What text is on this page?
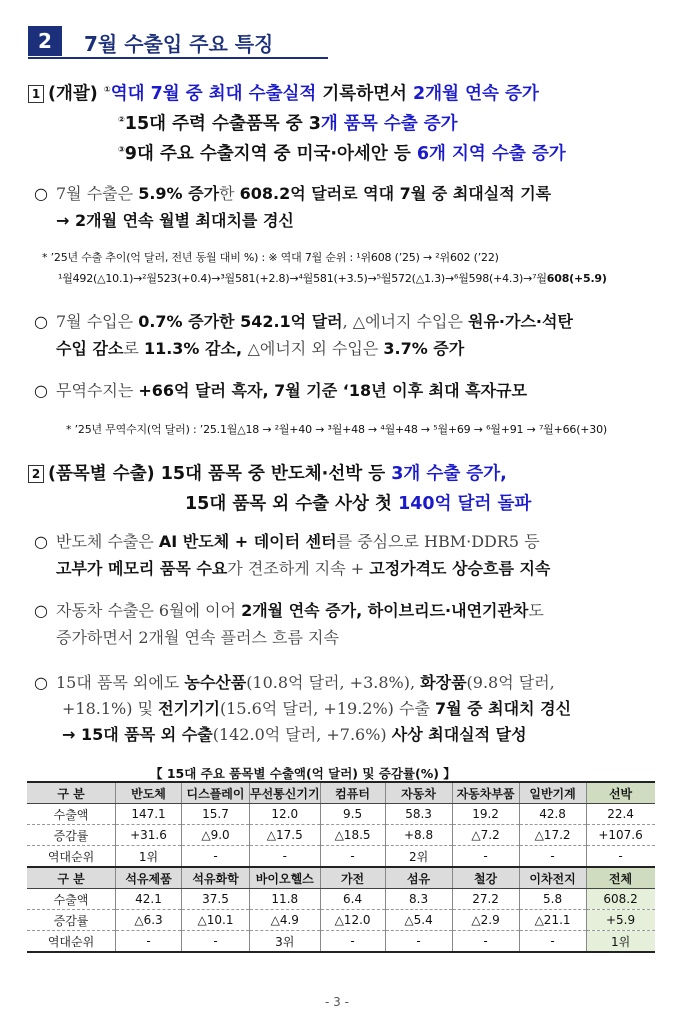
2	7월 수출입 주요 특징
1 (개괄) ①역대 7월 중 최대 수출실적 기록하면서 2개월 연속 증가
②15대 주력 수출품목 중 3개 품목 수출 증가
③9대 주요 수출지역 중 미국·아세안 등 6개 지역 수출 증가
○ 7월 수출은 5.9% 증가한 608.2억 달러로 역대 7월 중 최대실적 기록
→ 2개월 연속 월별 최대치를 경신
* ’25년 수출 추이(억 달러, 전년 동월 대비 %) : ※ 역대 7월 순위 : ¹위608 (’25) → ²위602 (’22)
¹월492(△10.1)→²월523(+0.4)→³월581(+2.8)→⁴월581(+3.5)→⁵월572(△1.3)→⁶월598(+4.3)→⁷월608(+5.9)
○ 7월 수입은 0.7% 증가한 542.1억 달러, △에너지 수입은 원유·가스·석탄
수입 감소로 11.3% 감소, △에너지 외 수입은 3.7% 증가
○ 무역수지는 +66억 달러 흑자, 7월 기준 ‘18년 이후 최대 흑자규모
* ’25년 무역수지(억 달러) : ’25.1월△18 → ²월+40 → ³월+48 → ⁴월+48 → ⁵월+69 → ⁶월+91 → ⁷월+66(+30)
2 (품목별 수출) 15대 품목 중 반도체·선박 등 3개 수출 증가,
15대 품목 외 수출 사상 첫 140억 달러 돌파
○ 반도체 수출은 AI 반도체 + 데이터 센터를 중심으로 HBM·DDR5 등
고부가 메모리 품목 수요가 견조하게 지속 + 고정가격도 상승흐름 지속
○ 자동차 수출은 6월에 이어 2개월 연속 증가, 하이브리드·내연기관차도
증가하면서 2개월 연속 플러스 흐름 지속
○ 15대 품목 외에도 농수산품(10.8억 달러, +3.8%), 화장품(9.8억 달러,
+18.1%) 및 전기기기(15.6억 달러, +19.2%) 수출 7월 중 최대치 경신
→ 15대 품목 외 수출(142.0억 달러, +7.6%) 사상 최대실적 달성
【 15대 주요 품목별 수출액(억 달러) 및 증감률(%) 】
구 분	반도체	디스플레이	무선통신기기	컴퓨터	자동차	자동차부품	일반기계	선박
수출액	147.1	15.7	12.0	9.5	58.3	19.2	42.8	22.4
증감률	+31.6	△9.0	△17.5	△18.5	+8.8	△7.2	△17.2	+107.6
역대순위	1위	-	-	-	2위	-	-	-
구 분	석유제품	석유화학	바이오헬스	가전	섬유	철강	이차전지	전체
수출액	42.1	37.5	11.8	6.4	8.3	27.2	5.8	608.2
증감률	△6.3	△10.1	△4.9	△12.0	△5.4	△2.9	△21.1	+5.9
역대순위	-	-	3위	-	-	-	-	1위
- 3 -
